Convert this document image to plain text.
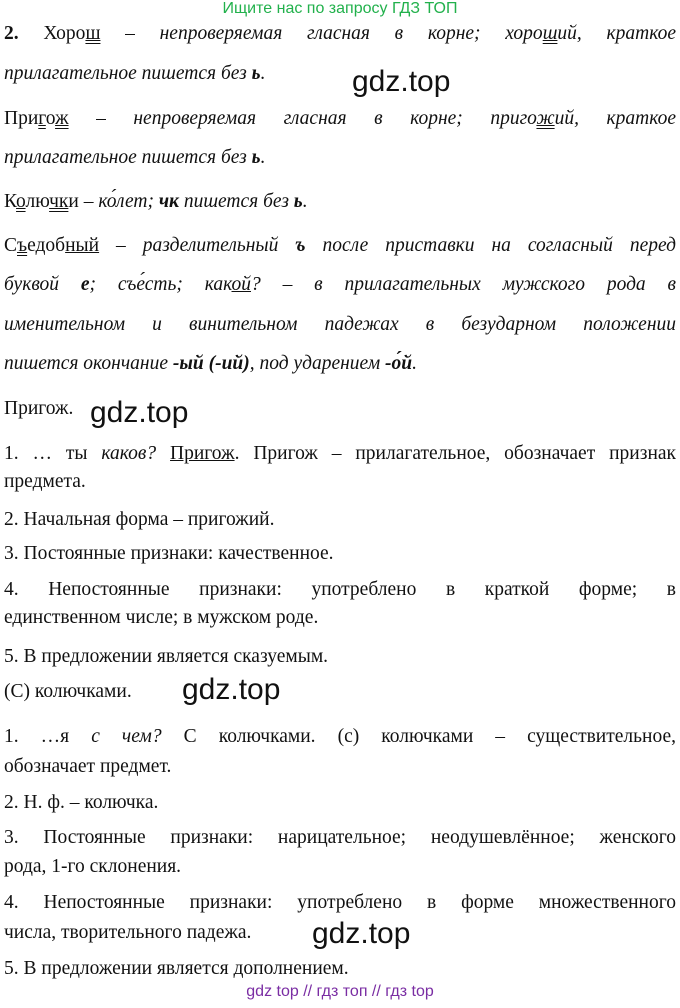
Ищите нас по запросу ГДЗ ТОП
2. Хорош – непроверяемая гласная в корне; хороший, краткое
прилагательное пишется без ь.
Пригож – непроверяемая гласная в корне; пригожий, краткое
прилагательное пишется без ь.
Колючки – ко́лет; чк пишется без ь.
Съедобный – разделительный ъ после приставки на согласный перед
буквой е; съе́сть; какой? – в прилагательных мужского рода в
именительном и винительном падежах в безударном положении
пишется окончание -ый (-ий), под ударением -о́й.
Пригож. gdz.top
gdz.top
1. … ты каков? Пригож. Пригож – прилагательное, обозначает признак
предмета.
2. Начальная форма – пригожий.
3. Постоянные признаки: качественное.
4. Непостоянные признаки: употреблено в краткой форме; в
единственном числе; в мужском роде.
5. В предложении является сказуемым.
(С) колючками.	gdz.top
1. …я с чем? С колючками. (с) колючками – существительное,
обозначает предмет.
2. Н. ф. – колючка.
3. Постоянные признаки: нарицательное; неодушевлённое; женского
рода, 1-го склонения.
4. Непостоянные признаки: употреблено в форме множественного
числа, творительного падежа.	gdz.top
5. В предложении является дополнением.
gdz top // гдз топ // гдз top
